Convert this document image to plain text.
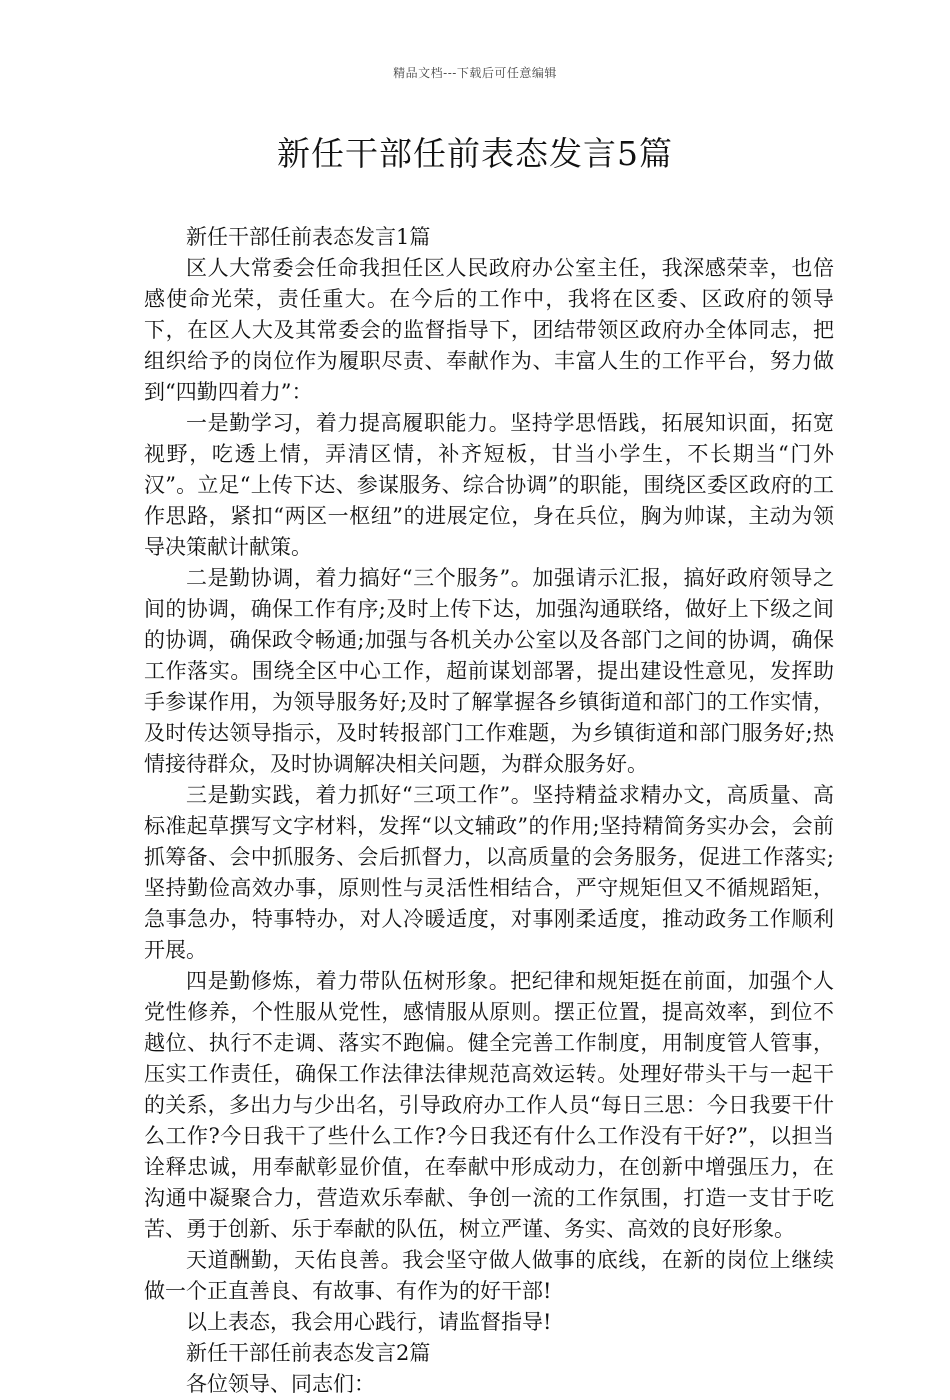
精品文档---下载后可任意编辑
新任干部任前表态发言5篇

新任干部任前表态发言1篇

区人大常委会任命我担任区人民政府办公室主任，我深感荣幸，也倍感使命光荣，责任重大。在今后的工作中，我将在区委、区政府的领导下，在区人大及其常委会的监督指导下，团结带领区政府办全体同志，把组织给予的岗位作为履职尽责、奉献作为、丰富人生的工作平台，努力做到“四勤四着力”：

一是勤学习，着力提高履职能力。坚持学思悟践，拓展知识面，拓宽视野，吃透上情，弄清区情，补齐短板，甘当小学生，不长期当“门外汉”。立足“上传下达、参谋服务、综合协调”的职能，围绕区委区政府的工作思路，紧扣“两区一枢纽”的进展定位，身在兵位，胸为帅谋，主动为领导决策献计献策。

二是勤协调，着力搞好“三个服务”。加强请示汇报，搞好政府领导之间的协调，确保工作有序;及时上传下达，加强沟通联络，做好上下级之间的协调，确保政令畅通;加强与各机关办公室以及各部门之间的协调，确保工作落实。围绕全区中心工作，超前谋划部署，提出建设性意见，发挥助手参谋作用，为领导服务好;及时了解掌握各乡镇街道和部门的工作实情，及时传达领导指示，及时转报部门工作难题，为乡镇街道和部门服务好;热情接待群众，及时协调解决相关问题，为群众服务好。

三是勤实践，着力抓好“三项工作”。坚持精益求精办文，高质量、高标准起草撰写文字材料，发挥“以文辅政”的作用;坚持精简务实办会，会前抓筹备、会中抓服务、会后抓督力，以高质量的会务服务，促进工作落实;坚持勤俭高效办事，原则性与灵活性相结合，严守规矩但又不循规蹈矩，急事急办，特事特办，对人冷暖适度，对事刚柔适度，推动政务工作顺利开展。

四是勤修炼，着力带队伍树形象。把纪律和规矩挺在前面，加强个人党性修养，个性服从党性，感情服从原则。摆正位置，提高效率，到位不越位、执行不走调、落实不跑偏。健全完善工作制度，用制度管人管事，压实工作责任，确保工作法律法律规范高效运转。处理好带头干与一起干的关系，多出力与少出名，引导政府办工作人员“每日三思：今日我要干什么工作?今日我干了些什么工作?今日我还有什么工作没有干好?”，以担当诠释忠诚，用奉献彰显价值，在奉献中形成动力，在创新中增强压力，在沟通中凝聚合力，营造欢乐奉献、争创一流的工作氛围，打造一支甘于吃苦、勇于创新、乐于奉献的队伍，树立严谨、务实、高效的良好形象。

天道酬勤，天佑良善。我会坚守做人做事的底线，在新的岗位上继续做一个正直善良、有故事、有作为的好干部!

以上表态，我会用心践行，请监督指导!

新任干部任前表态发言2篇

各位领导、同志们：
